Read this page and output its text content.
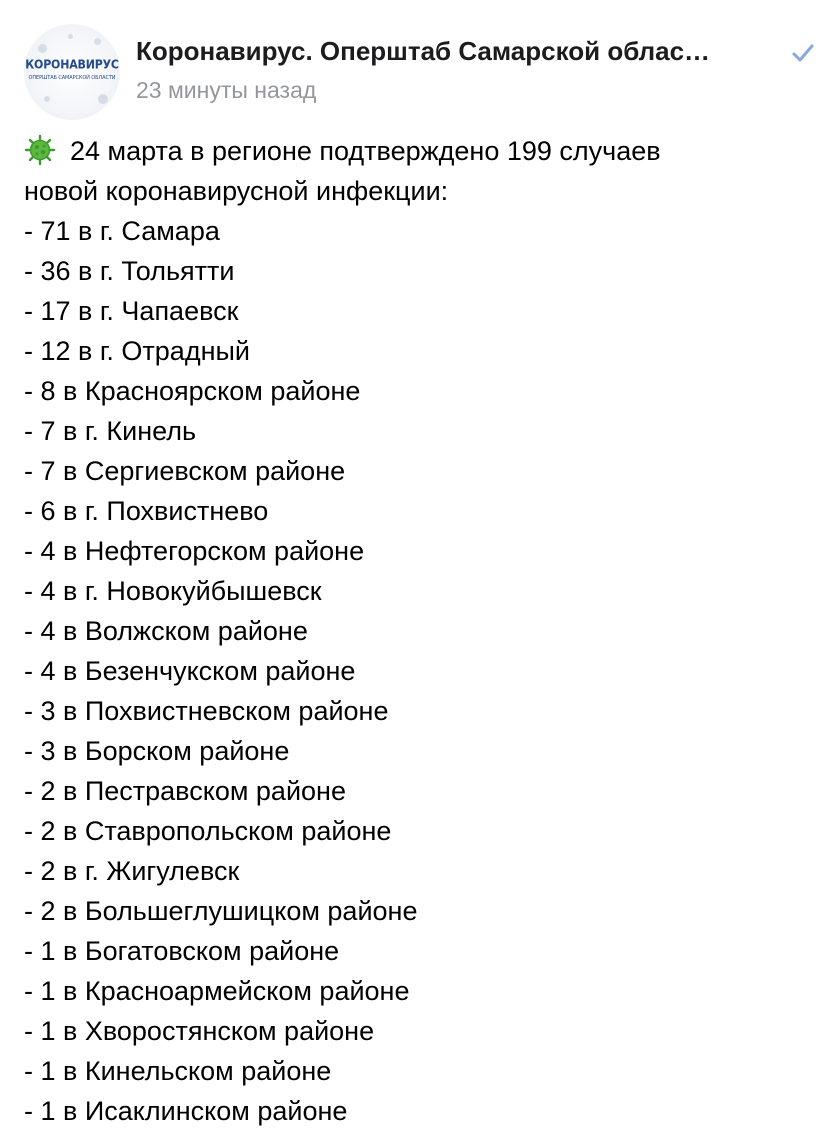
КОРОНАВИРУС
ОПЕРШТАБ САМАРСКОЙ ОБЛАСТИ
Коронавирус. Оперштаб Самарской облас…
23 минуты назад
24 марта в регионе подтверждено 199 случаев
новой коронавирусной инфекции:
- 71 в г. Самара
- 36 в г. Тольятти
- 17 в г. Чапаевск
- 12 в г. Отрадный
- 8 в Красноярском районе
- 7 в г. Кинель
- 7 в Сергиевском районе
- 6 в г. Похвистнево
- 4 в Нефтегорском районе
- 4 в г. Новокуйбышевск
- 4 в Волжском районе
- 4 в Безенчукском районе
- 3 в Похвистневском районе
- 3 в Борском районе
- 2 в Пестравском районе
- 2 в Ставропольском районе
- 2 в г. Жигулевск
- 2 в Большеглушицком районе
- 1 в Богатовском районе
- 1 в Красноармейском районе
- 1 в Хворостянском районе
- 1 в Кинельском районе
- 1 в Исаклинском районе
